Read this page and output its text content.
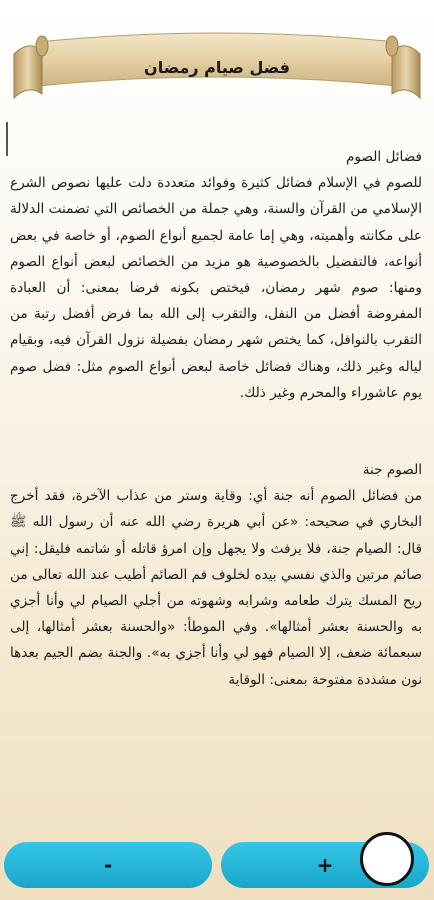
فضل صيام رمضان

فضائل الصوم

للصوم في الإسلام فضائل كثيرة وفوائد متعددة دلت عليها نصوص الشرع الإسلامي من القرآن والسنة، وهي جملة من الخصائص التي تضمنت الدلالة على مكانته وأهميته، وهي إما عامة لجميع أنواع الصوم، أو خاصة في بعض أنواعه، فالتفضيل بالخصوصية هو مزيد من الخصائص لبعض أنواع الصوم ومنها: صوم شهر رمضان، فيختص بكونه فرضا بمعنى: أن العبادة المفروضة أفضل من النفل، والتقرب إلى الله بما فرض أفضل رتبة من التقرب بالنوافل، كما يختص شهر رمضان بفضيلة نزول القرآن فيه، وبقيام لياله وغير ذلك، وهناك فضائل خاصة لبعض أنواع الصوم مثل: فضل صوم يوم عاشوراء والمحرم وغير ذلك.

الصوم جنة

من فضائل الصوم أنه جنة أي: وقاية وستر من عذاب الآخرة، فقد أخرج البخاري في صحيحه: «عن أبي هريرة رضي الله عنه أن رسول الله ﷺ قال: الصيام جنة، فلا يرفث ولا يجهل وإن امرؤ قاتله أو شاتمه فليقل: إني صائم مرتين والذي نفسي بيده لخلوف فم الصائم أطيب عند الله تعالى من ريح المسك يترك طعامه وشرابه وشهوته من أجلي الصيام لي وأنا أجزي به والحسنة بعشر أمثالها». وفي الموطأ: «والحسنة بعشر أمثالها، إلى سبعمائة ضعف، إلا الصيام فهو لي وأنا أجزي به». والجنة بضم الجيم بعدها نون مشددة مفتوحة بمعنى: الوقاية

-	+
